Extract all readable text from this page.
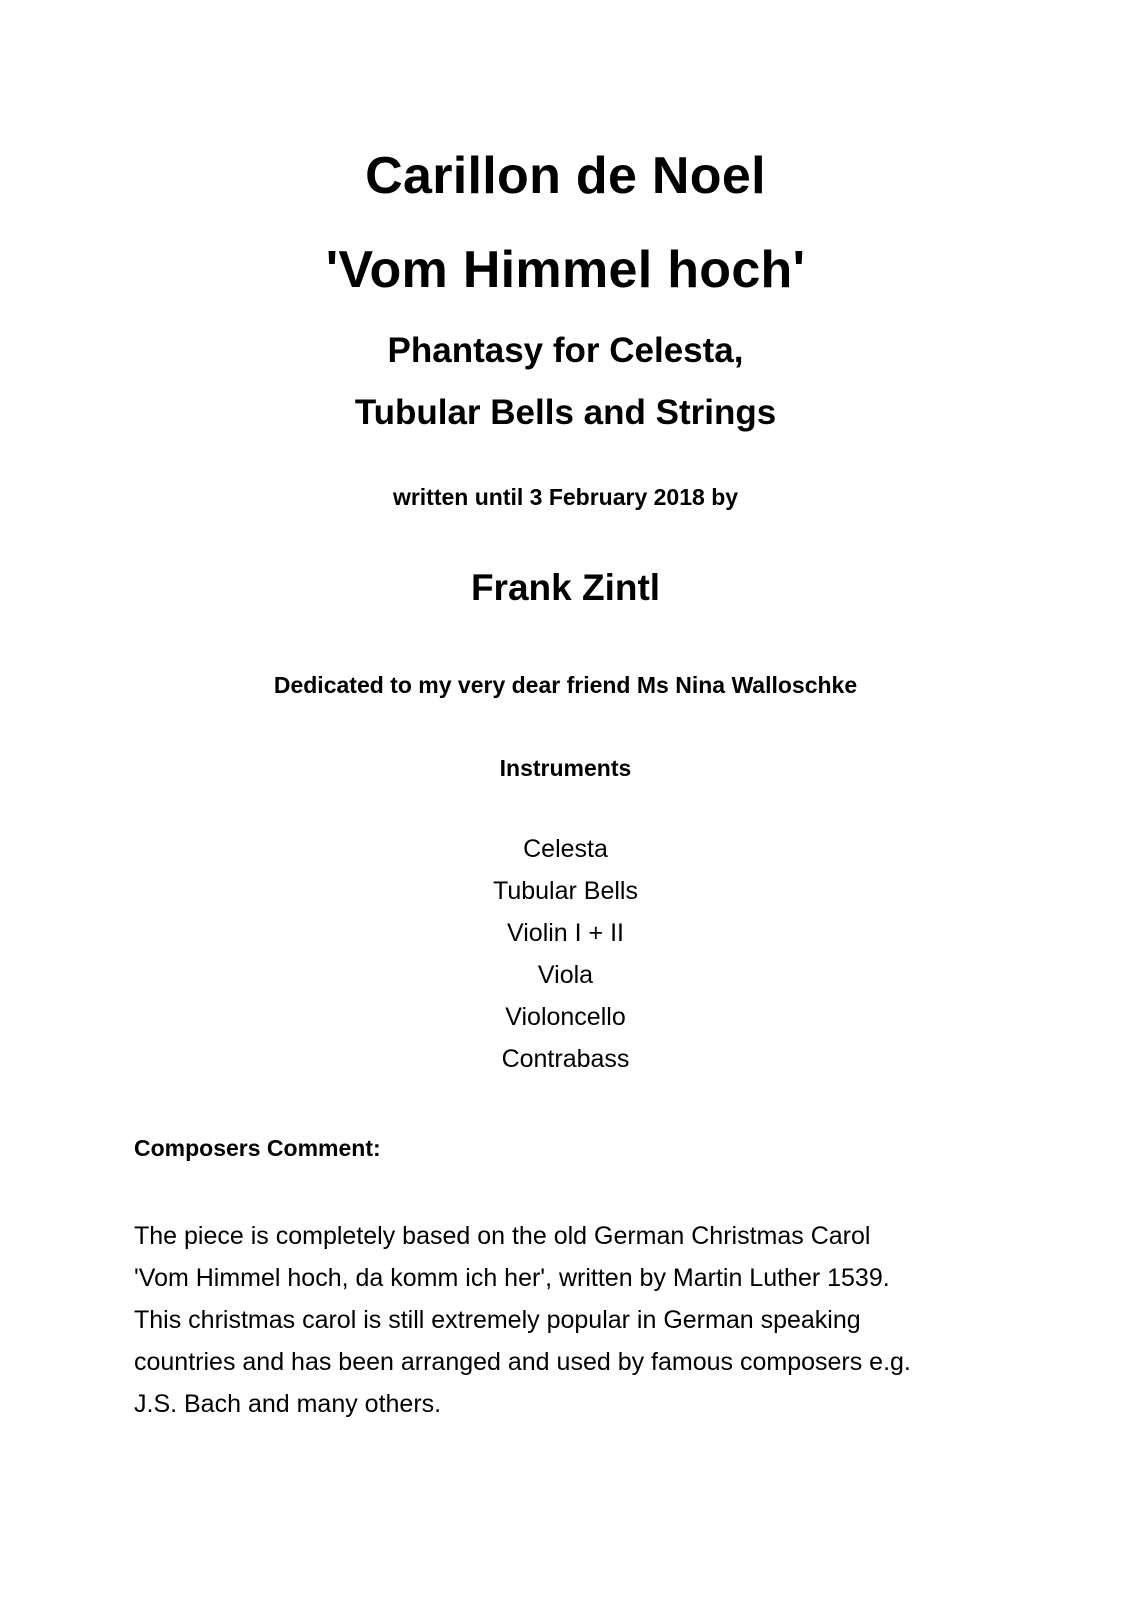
Carillon de Noel
'Vom Himmel hoch'
Phantasy for Celesta,
Tubular Bells and Strings
written until 3 February 2018 by
Frank Zintl
Dedicated to my very dear friend Ms Nina Walloschke
Instruments
Celesta
Tubular Bells
Violin I + II
Viola
Violoncello
Contrabass
Composers Comment:
The piece is completely based on the old German Christmas Carol
'Vom Himmel hoch, da komm ich her', written by Martin Luther 1539.
This christmas carol is still extremely popular in German speaking
countries and has been arranged and used by famous composers e.g.
J.S. Bach and many others.
